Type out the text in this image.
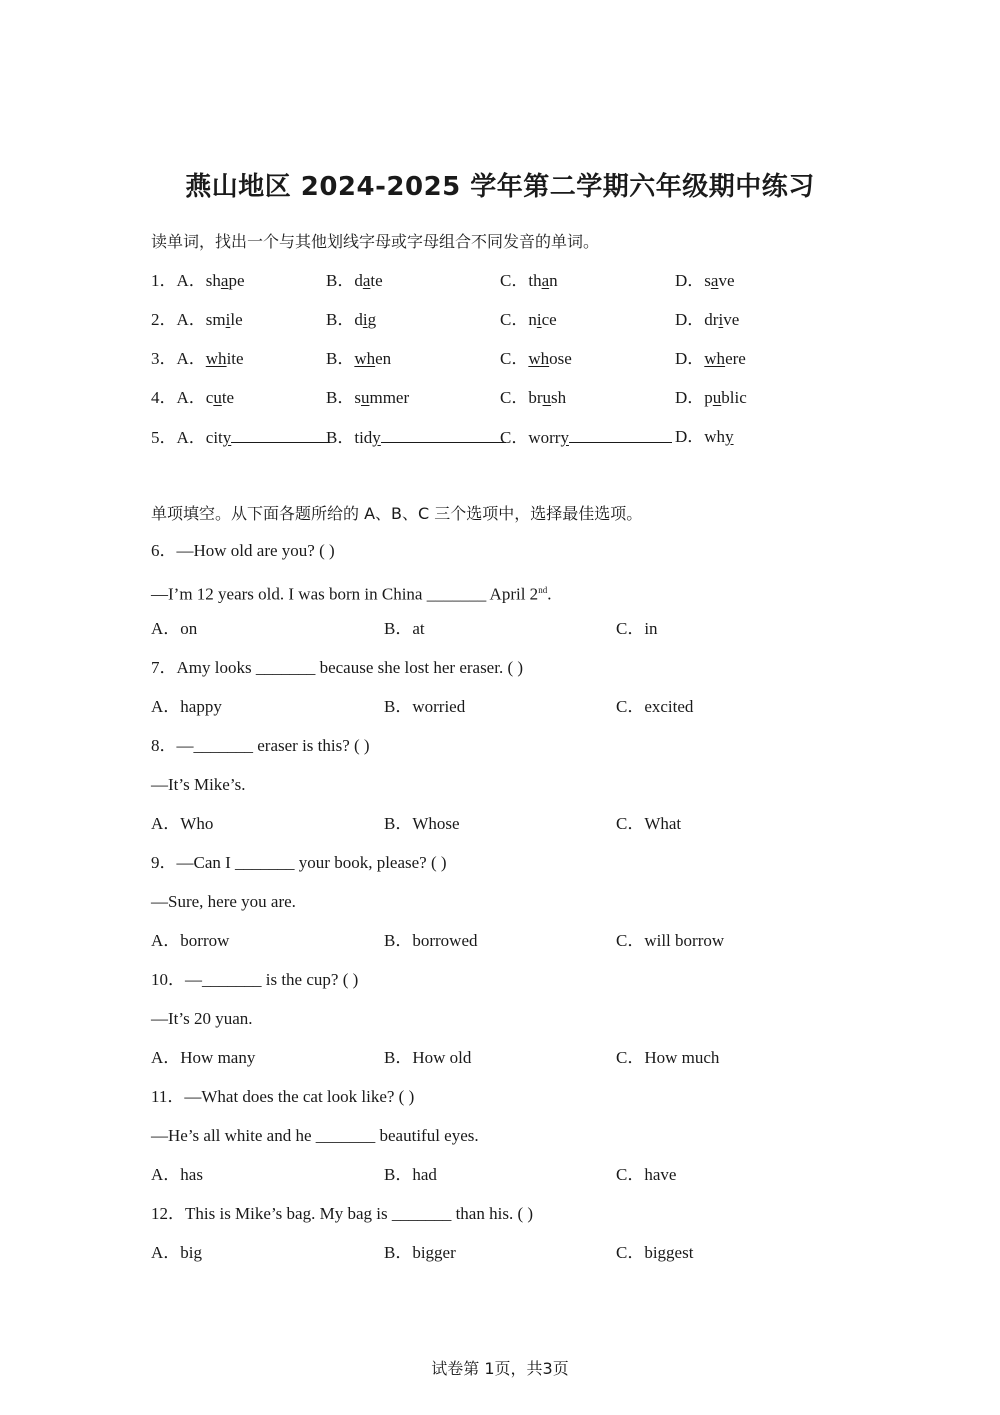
燕山地区 2024-2025 学年第二学期六年级期中练习
读单词，找出一个与其他划线字母或字母组合不同发音的单词。
1．A．shape	B．date	C．than	D．save
2．A．smile	B．dig	C．nice	D．drive
3．A．white	B．when	C．whose	D．where
4．A．cute	B．summer	C．brush	D．public
5．A．city	B．tidy	C．worry	D．why
单项填空。从下面各题所给的 A、B、C 三个选项中，选择最佳选项。
6．—How old are you? ( )
—I’m 12 years old. I was born in China _______ April 2nd.
A．on	B．at	C．in
7．Amy looks _______ because she lost her eraser. ( )
A．happy	B．worried	C．excited
8．—_______ eraser is this? ( )
—It’s Mike’s.
A．Who	B．Whose	C．What
9．—Can I _______ your book, please? ( )
—Sure, here you are.
A．borrow	B．borrowed	C．will borrow
10．—_______ is the cup? ( )
—It’s 20 yuan.
A．How many	B．How old	C．How much
11．—What does the cat look like? ( )
—He’s all white and he _______ beautiful eyes.
A．has	B．had	C．have
12．This is Mike’s bag. My bag is _______ than his. ( )
A．big	B．bigger	C．biggest
试卷第 1页，共3页
